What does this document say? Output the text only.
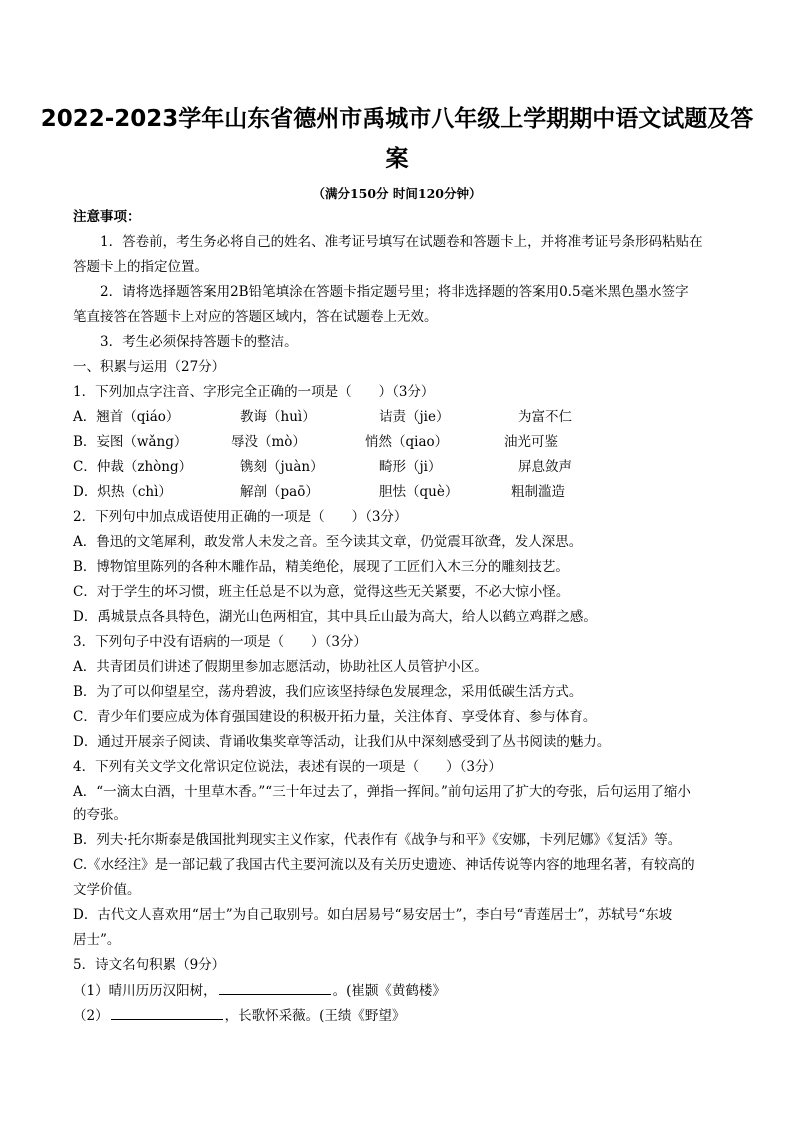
2022-2023学年山东省德州市禹城市八年级上学期期中语文试题及答
案
（满分150分 时间120分钟）
注意事项：
1．答卷前，考生务必将自己的姓名、准考证号填写在试题卷和答题卡上，并将准考证号条形码粘贴在
答题卡上的指定位置。
2．请将选择题答案用2B铅笔填涂在答题卡指定题号里；将非选择题的答案用0.5毫米黑色墨水签字
笔直接答在答题卡上对应的答题区域内，答在试题卷上无效。
3．考生必须保持答题卡的整洁。
一、积累与运用（27分）
1．下列加点字注音、字形完全正确的一项是（　　）（3分）
A．翘首（qiáo）	教诲（huì）	诘责（jie）	为富不仁
B．妄图（wǎng）	辱没（mò）	悄然（qiao）	油光可鉴
C．仲裁（zhòng）	镌刻（juàn）	畸形（ji）	屏息敛声
D．炽热（chì）	解剖（paō）	胆怯（què）	粗制滥造
2．下列句中加点成语使用正确的一项是（　　）（3分）
A．鲁迅的文笔犀利，敢发常人未发之音。至今读其文章，仍觉震耳欲聋，发人深思。
B．博物馆里陈列的各种木雕作品，精美绝伦，展现了工匠们入木三分的雕刻技艺。
C．对于学生的坏习惯，班主任总是不以为意，觉得这些无关紧要，不必大惊小怪。
D．禹城景点各具特色，湖光山色两相宜，其中具丘山最为高大，给人以鹤立鸡群之感。
3．下列句子中没有语病的一项是（　　）（3分）
A．共青团员们讲述了假期里参加志愿活动，协助社区人员管护小区。
B．为了可以仰望星空，荡舟碧波，我们应该坚持绿色发展理念，采用低碳生活方式。
C．青少年们要应成为体育强国建设的积极开拓力量，关注体育、享受体育、参与体育。
D．通过开展亲子阅读、背诵收集奖章等活动，让我们从中深刻感受到了丛书阅读的魅力。
4．下列有关文学文化常识定位说法，表述有误的一项是（　　）（3分）
A．“一滴太白酒，十里草木香。”“三十年过去了，弹指一挥间。”前句运用了扩大的夸张，后句运用了缩小
的夸张。
B．列夫·托尔斯泰是俄国批判现实主义作家，代表作有《战争与和平》《安娜，卡列尼娜》《复活》等。
C.《水经注》是一部记载了我国古代主要河流以及有关历史遗迹、神话传说等内容的地理名著，有较高的
文学价值。
D．古代文人喜欢用“居士”为自己取别号。如白居易号“易安居士”，李白号“青莲居士”，苏轼号“东坡
居士”。
5．诗文名句积累（9分）
（1）晴川历历汉阳树，	。(崔颢《黄鹤楼》
（2）	，长歌怀采薇。(王绩《野望》
